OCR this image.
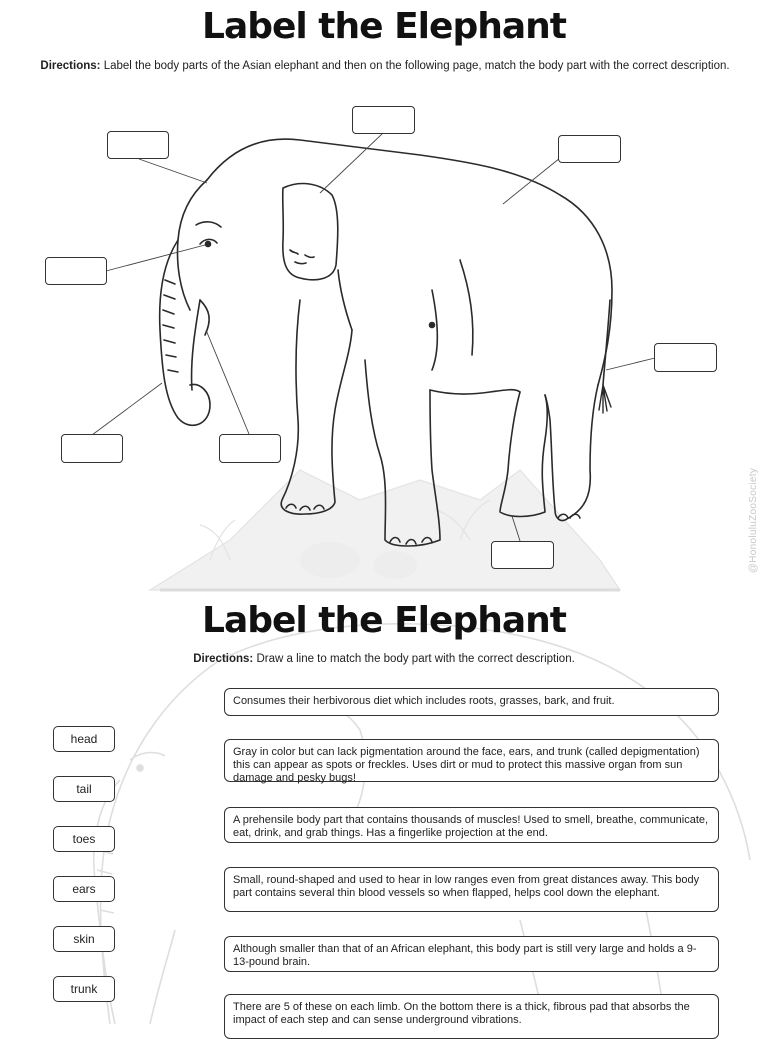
Label the Elephant
Directions: Label the body parts of the Asian elephant and then on the following page, match the body part with the correct description.
@HonoluluZooSociety
Label the Elephant
Directions: Draw a line to match the body part with the correct description.
head
tail
toes
ears
skin
trunk
Consumes their herbivorous diet which includes roots, grasses, bark, and fruit.
Gray in color but can lack pigmentation around the face, ears, and trunk (called depigmentation) this can appear as spots or freckles. Uses dirt or mud to protect this massive organ from sun damage and pesky bugs!
A prehensile body part that contains thousands of muscles! Used to smell, breathe, communicate, eat, drink, and grab things. Has a fingerlike projection at the end.
Small, round-shaped and used to hear in low ranges even from great distances away. This body part contains several thin blood vessels so when flapped, helps cool down the elephant.
Although smaller than that of an African elephant, this body part is still very large and holds a 9-13-pound brain.
There are 5 of these on each limb. On the bottom there is a thick, fibrous pad that absorbs the impact of each step and can sense underground vibrations.
